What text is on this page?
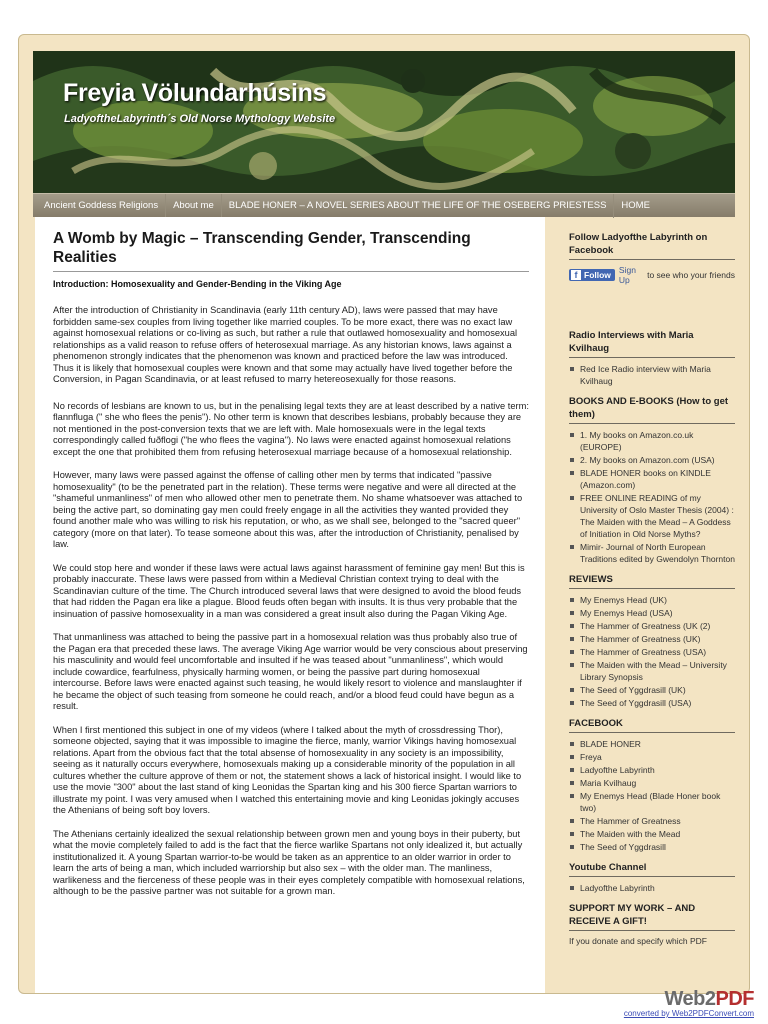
Freyia Völundarhúsins
LadyoftheLabyrinth´s Old Norse Mythology Website
Ancient Goddess Religions	About me	BLADE HONER – A NOVEL SERIES ABOUT THE LIFE OF THE OSEBERG PRIESTESS	HOME
A Womb by Magic – Transcending Gender, Transcending Realities
Introduction: Homosexuality and Gender-Bending in the Viking Age

After the introduction of Christianity in Scandinavia (early 11th century AD), laws were passed that may have forbidden same-sex couples from living together like married couples. To be more exact, there was no exact law against homosexual relations or co-living as such, but rather a rule that outlawed homosexuality and homosexual relationships as a valid reason to refuse offers of heterosexual marriage. As any historian knows, laws against a phenomenon strongly indicates that the phenomenon was known and practiced before the law was introduced. Thus it is likely that homosexual couples were known and that some may actually have lived together before the Conversion, in Pagan Scandinavia, or at least refused to marry hetereosexually for those reasons.

No records of lesbians are known to us, but in the penalising legal texts they are at least described by a native term: flannfluga (" she who flees the penis"). No other term is known that describes lesbians, probably because they are not mentioned in the post-conversion texts that we are left with. Male homosexuals were in the legal texts correspondingly called fuðflogi ("he who flees the vagina"). No laws were enacted against homosexual relations except the one that prohibited them from refusing heterosexual marriage because of a homosexual relationship.

However, many laws were passed against the offense of calling other men by terms that indicated "passive homosexuality" (to be the penetrated part in the relation). These terms were negative and were all directed at the "shameful unmanliness" of men who allowed other men to penetrate them. No shame whatsoever was attached to being the active part, so dominating gay men could freely engage in all the activities they wanted provided they found another male who was willing to risk his reputation, or who, as we shall see, belonged to the "sacred queer" category (more on that later). To tease someone about this was, after the introduction of Christianity, penalised by law.

We could stop here and wonder if these laws were actual laws against harassment of feminine gay men! But this is probably inaccurate. These laws were passed from within a Medieval Christian context trying to deal with the Scandinavian culture of the time. The Church introduced several laws that were designed to avoid the blood feuds that had ridden the Pagan era like a plague. Blood feuds often began with insults. It is thus very probable that the insinuation of passive homosexuality in a man was considered a great insult also during the Pagan Viking Age.

That unmanliness was attached to being the passive part in a homosexual relation was thus probably also true of the Pagan era that preceded these laws. The average Viking Age warrior would be very conscious about preserving his masculinity and would feel uncomfortable and insulted if he was teased about "unmanliness", which would include cowardice, fearfulness, physically harming women, or being the passive part during homosexual intercourse. Before laws were enacted against such teasing, he would likely resort to violence and manslaughter if he became the object of such teasing from someone he could reach, and/or a blood feud could have begun as a result.

When I first mentioned this subject in one of my videos (where I talked about the myth of crossdressing Thor), someone objected, saying that it was impossible to imagine the fierce, manly, warrior Vikings having homosexual relations. Apart from the obvious fact that the total absense of homosexuality in any society is an impossibility, seeing as it naturally occurs everywhere, homosexuals making up a considerable minority of the population in all cultures whether the culture approve of them or not, the statement shows a lack of historical insight. I would like to use the movie "300" about the last stand of king Leonidas the Spartan king and his 300 fierce Spartan warriors to illustrate my point. I was very amused when I watched this entertaining movie and king Leonidas jokingly accuses the Athenians of being soft boy lovers.

The Athenians certainly idealized the sexual relationship between grown men and young boys in their puberty, but what the movie completely failed to add is the fact that the fierce warlike Spartans not only idealized it, but actually institutionalized it. A young Spartan warrior-to-be would be taken as an apprentice to an older warrior in order to learn the arts of being a man, which included warriorship but also sex – with the older man. The manliness, warlikeness and the fierceness of these people was in their eyes completely compatible with homosexual relations, although to be the passive partner was not suitable for a grown man.

Follow Ladyofthe Labyrinth on Facebook
f Follow Sign Up	to see who your friends
Radio Interviews with Maria Kvilhaug
Red Ice Radio interview with Maria Kvilhaug
BOOKS AND E-BOOKS (How to get them)
1. My books on Amazon.co.uk (EUROPE)
2. My books on Amazon.com (USA)
BLADE HONER books on KINDLE (Amazon.com)
FREE ONLINE READING of my University of Oslo Master Thesis (2004) : The Maiden with the Mead – A Goddess of Initiation in Old Norse Myths?
Mimir- Journal of North European Traditions edited by Gwendolyn Thornton
REVIEWS
My Enemys Head (UK)
My Enemys Head (USA)
The Hammer of Greatness (UK (2)
The Hammer of Greatness (UK)
The Hammer of Greatness (USA)
The Maiden with the Mead – University Library Synopsis
The Seed of Yggdrasill (UK)
The Seed of Yggdrasill (USA)
FACEBOOK
BLADE HONER
Freya
Ladyofthe Labyrinth
Maria Kvilhaug
My Enemys Head (Blade Honer book two)
The Hammer of Greatness
The Maiden with the Mead
The Seed of Yggdrasill
Youtube Channel
Ladyofthe Labyrinth
SUPPORT MY WORK – AND RECEIVE A GIFT!
If you donate and specify which PDF
Web2PDF
converted by Web2PDFConvert.com
